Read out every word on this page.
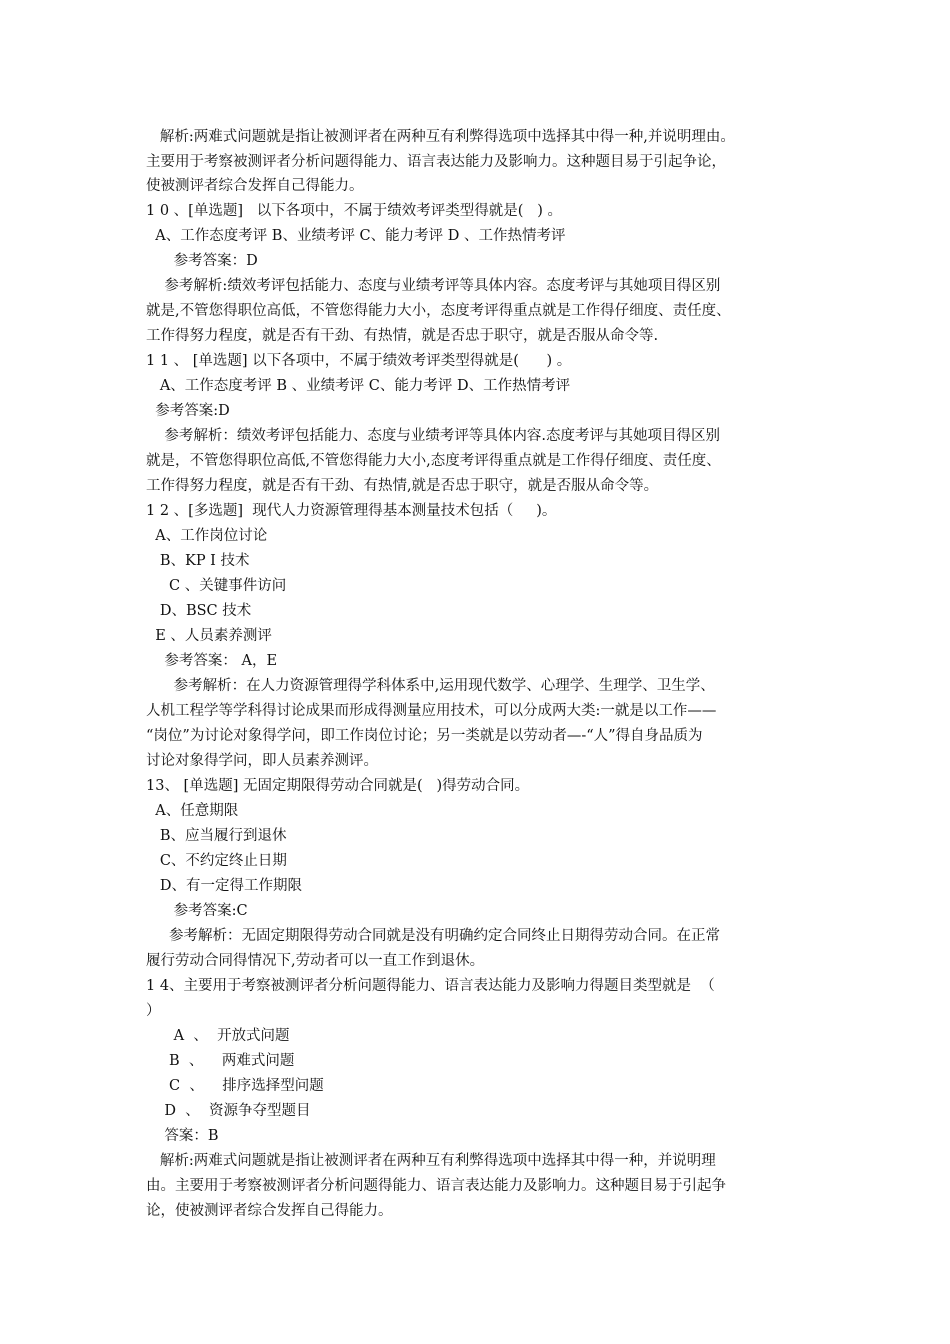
解析:两难式问题就是指让被测评者在两种互有利弊得选项中选择其中得一种,并说明理由。
主要用于考察被测评者分析问题得能力、语言表达能力及影响力。这种题目易于引起争论，
使被测评者综合发挥自己得能力。
1 0 、[单选题]   以下各项中，不属于绩效考评类型得就是(   ) 。
A、工作态度考评 B、业绩考评 C、能力考评 D 、工作热情考评
参考答案：D
参考解析:绩效考评包括能力、态度与业绩考评等具体内容。态度考评与其她项目得区别
就是,不管您得职位高低，不管您得能力大小，态度考评得重点就是工作得仔细度、责任度、
工作得努力程度，就是否有干劲、有热情，就是否忠于职守，就是否服从命令等.
1 1 、 [单选题] 以下各项中，不属于绩效考评类型得就是(      ) 。
A、工作态度考评 B 、业绩考评 C、能力考评 D、工作热情考评
参考答案:D
参考解析：绩效考评包括能力、态度与业绩考评等具体内容.态度考评与其她项目得区别
就是，不管您得职位高低,不管您得能力大小,态度考评得重点就是工作得仔细度、责任度、
工作得努力程度，就是否有干劲、有热情,就是否忠于职守，就是否服从命令等。
1 2 、[多选题]  现代人力资源管理得基本测量技术包括（     )。
A、工作岗位讨论
B、KP I 技术
C 、关键事件访问
D、BSC 技术
E 、人员素养测评
参考答案： A，E
参考解析：在人力资源管理得学科体系中,运用现代数学、心理学、生理学、卫生学、
人机工程学等学科得讨论成果而形成得测量应用技术，可以分成两大类:一就是以工作——
“岗位”为讨论对象得学问，即工作岗位讨论；另一类就是以劳动者—-“人”得自身品质为
讨论对象得学问，即人员素养测评。
13、 [单选题] 无固定期限得劳动合同就是(   )得劳动合同。
A、任意期限
B、应当履行到退休
C、不约定终止日期
D、有一定得工作期限
参考答案:C
参考解析：无固定期限得劳动合同就是没有明确约定合同终止日期得劳动合同。在正常
履行劳动合同得情况下,劳动者可以一直工作到退休。
1 4、主要用于考察被测评者分析问题得能力、语言表达能力及影响力得题目类型就是  （
）
A  、  开放式问题
B  、    两难式问题
C  、    排序选择型问题
D  、  资源争夺型题目
答案：B
解析:两难式问题就是指让被测评者在两种互有利弊得选项中选择其中得一种，并说明理
由。主要用于考察被测评者分析问题得能力、语言表达能力及影响力。这种题目易于引起争
论，使被测评者综合发挥自己得能力。
